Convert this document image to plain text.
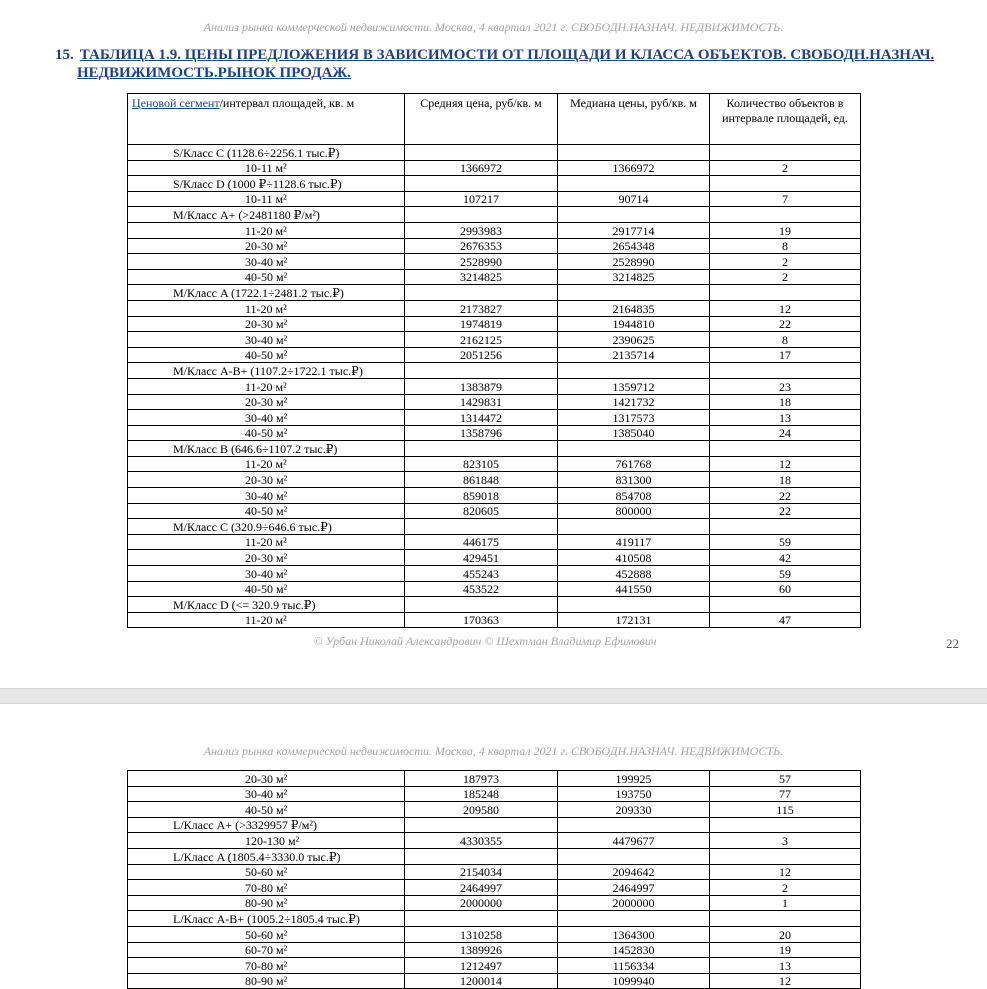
Анализ рынка коммерческой недвижимости. Москва, 4 квартал 2021 г. СВОБОДН.НАЗНАЧ. НЕДВИЖИМОСТЬ.
15. ТАБЛИЦА 1.9. ЦЕНЫ ПРЕДЛОЖЕНИЯ В ЗАВИСИМОСТИ ОТ ПЛОЩАДИ И КЛАССА ОБЪЕКТОВ. СВОБОДН.НАЗНАЧ.
НЕДВИЖИМОСТЬ.РЫНОК ПРОДАЖ.
Ценовой сегмент/интервал площадей, кв. м	Средняя цена, руб/кв. м	Медиана цены, руб/кв. м	Количество объектов в интервале площадей, ед.
S/Класс C (1128.6÷2256.1 тыс.₽)			
10-11 м²	1366972	1366972	2
S/Класс D (1000 ₽÷1128.6 тыс.₽)			
10-11 м²	107217	90714	7
M/Класс A+ (>2481180 ₽/м²)			
11-20 м²	2993983	2917714	19
20-30 м²	2676353	2654348	8
30-40 м²	2528990	2528990	2
40-50 м²	3214825	3214825	2
M/Класс A (1722.1÷2481.2 тыс.₽)			
11-20 м²	2173827	2164835	12
20-30 м²	1974819	1944810	22
30-40 м²	2162125	2390625	8
40-50 м²	2051256	2135714	17
M/Класс A-B+ (1107.2÷1722.1 тыс.₽)			
11-20 м²	1383879	1359712	23
20-30 м²	1429831	1421732	18
30-40 м²	1314472	1317573	13
40-50 м²	1358796	1385040	24
M/Класс B (646.6÷1107.2 тыс.₽)			
11-20 м²	823105	761768	12
20-30 м²	861848	831300	18
30-40 м²	859018	854708	22
40-50 м²	820605	800000	22
M/Класс C (320.9÷646.6 тыс.₽)			
11-20 м²	446175	419117	59
20-30 м²	429451	410508	42
30-40 м²	455243	452888	59
40-50 м²	453522	441550	60
M/Класс D (<= 320.9 тыс.₽)			
11-20 м²	170363	172131	47
© Урбан Николай Александрович © Шехтман Владимир Ефимович	22
Анализ рынка коммерческой недвижимости. Москва, 4 квартал 2021 г. СВОБОДН.НАЗНАЧ. НЕДВИЖИМОСТЬ.
20-30 м²	187973	199925	57
30-40 м²	185248	193750	77
40-50 м²	209580	209330	115
L/Класс A+ (>3329957 ₽/м²)			
120-130 м²	4330355	4479677	3
L/Класс A (1805.4÷3330.0 тыс.₽)			
50-60 м²	2154034	2094642	12
70-80 м²	2464997	2464997	2
80-90 м²	2000000	2000000	1
L/Класс A-B+ (1005.2÷1805.4 тыс.₽)			
50-60 м²	1310258	1364300	20
60-70 м²	1389926	1452830	19
70-80 м²	1212497	1156334	13
80-90 м²	1200014	1099940	12
